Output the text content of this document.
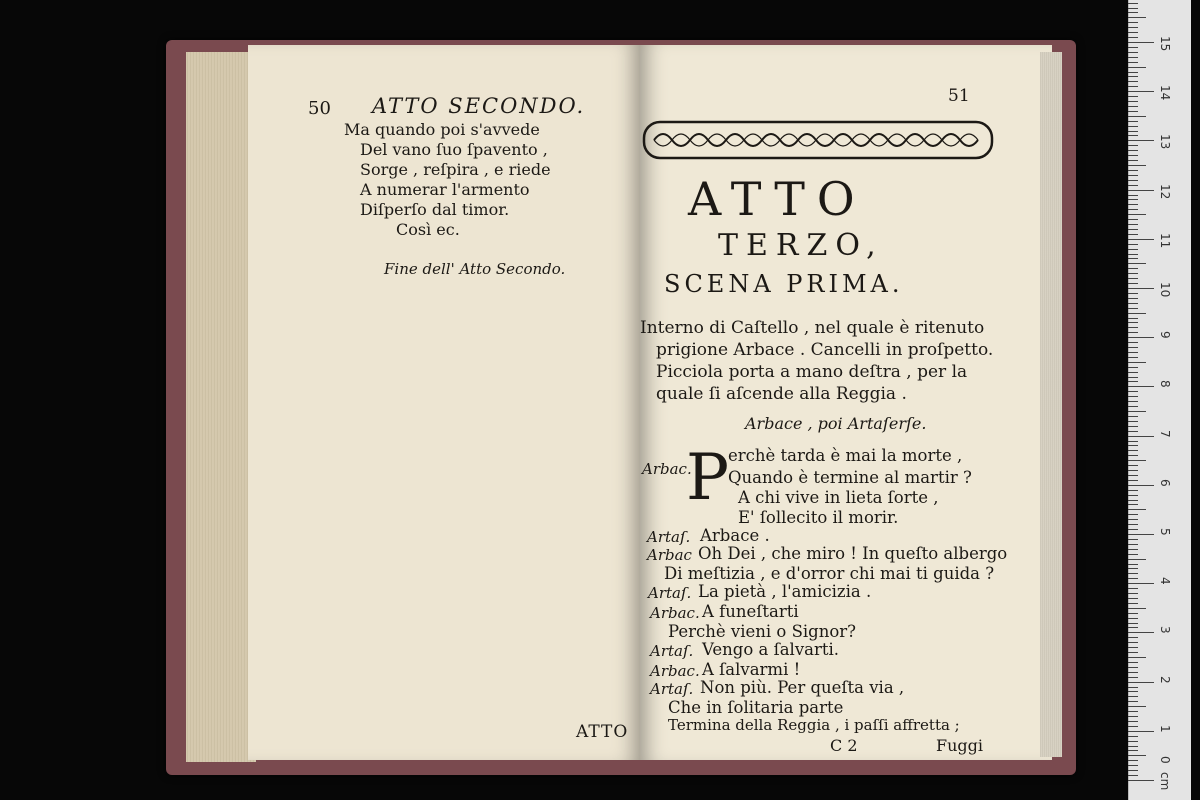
50 ATTO SECONDO.
Ma quando poi s'avvede
Del vano ſuo ſpavento ,
Sorge , reſpira , e riede
A numerar l'armento
Diſperſo dal timor.
Così ec.
Fine dell' Atto Secondo.
ATTO
51
ATTO
TERZO,
SCENA PRIMA.
Interno di Caſtello , nel quale è ritenuto
prigione Arbace . Cancelli in proſpetto.
Picciola porta a mano deſtra , per la
quale ſi aſcende alla Reggia .
Arbace , poi Artaſerſe.
Arbac.
P
erchè tarda è mai la morte ,
Quando è termine al martir ?
A chi vive in lieta ſorte ,
E' ſollecito il morir.
Artaſ. Arbace .
Arbac Oh Dei , che miro ! In queſto albergo
Di meſtizia , e d'orror chi mai ti guida ?
Artaſ. La pietà , l'amicizia .
Arbac. A funeſtarti
Perchè vieni o Signor?
Artaſ. Vengo a ſalvarti.
Arbac. A ſalvarmi !
Artaſ. Non più. Per queſta via ,
Che in ſolitaria parte
Termina della Reggia , i paſſi affretta ;
C 2	Fuggi
cm
1
2
3
4
5
6
7
8
9
10
11
12
13
14
15
0
